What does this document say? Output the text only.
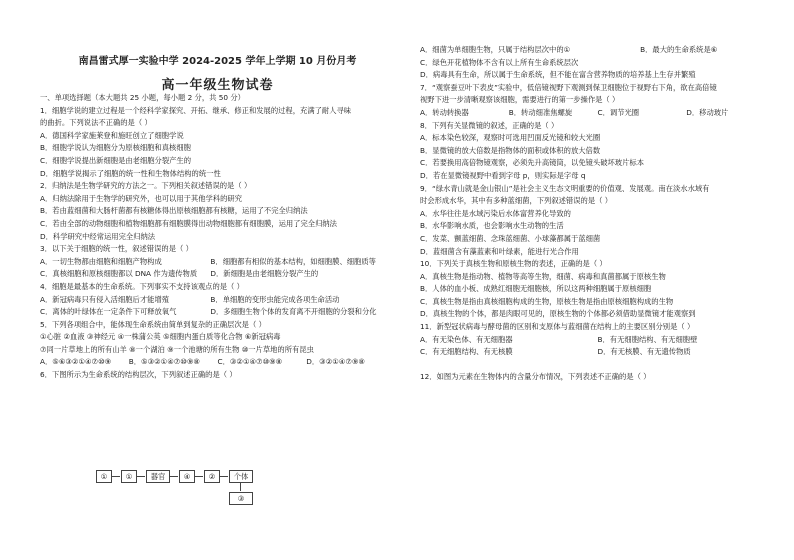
南昌雷式厚一实验中学 2024-2025 学年上学期 10 月份月考
高一年级生物试卷
一、单项选择题（本大题共 25 小题，每小题 2 分，共 50 分）
1．细胞学说的建立过程是一个经科学家探究、开拓、继承、修正和发展的过程，充满了耐人寻味
的曲折。下列说法不正确的是（ ）
A．德国科学家施莱登和施旺创立了细胞学说
B．细胞学说认为细胞分为原核细胞和真核细胞
C．细胞学说提出新细胞是由老细胞分裂产生的
D．细胞学说揭示了细胞的统一性和生物体结构的统一性
2．归纳法是生物学研究的方法之一。下列相关叙述错误的是（ ）
A．归纳法除用于生物学的研究外，也可以用于其他学科的研究
B．若由蓝细菌和大肠杆菌都有核糖体得出原核细胞都有核糖，运用了不完全归纳法
C．若由全部的动物细胞和植物细胞都有细胞膜得出动物细胞都有细胞膜，运用了完全归纳法
D．科学研究中经常运用完全归纳法
3．以下关于细胞的统一性，叙述错误的是（ ）
A．一切生物都由细胞和细胞产物构成	B．细胞都有相似的基本结构，如细胞膜、细胞质等
C．真核细胞和原核细胞都以 DNA 作为遗传物质	D．新细胞是由老细胞分裂产生的
4．细胞是最基本的生命系统。下列事实不支持该观点的是（ ）
A．新冠病毒只有侵入活细胞后才能增殖	B．单细胞的变形虫能完成各项生命活动
C．离体的叶绿体在一定条件下可释放氧气	D．多细胞生物个体的发育离不开细胞的分裂和分化
5．下列各项组合中，能体现生命系统由简单到复杂的正确层次是（ ）
①心脏 ②血液 ③神经元 ④一株蒲公英 ⑤细胞内蛋白质等化合物 ⑥新冠病毒
⑦同一片草地上的所有山羊 ⑧一个湖泊 ⑨一个池塘的所有生物 ⑩一片草地的所有昆虫
A．⑤⑥③②①④⑦⑩⑨	B．⑤③②①④⑦⑩⑨⑧	C．③②①④⑦⑩⑨⑧	D．③②①④⑦⑨⑧
6．下图所示为生命系统的结构层次，下列叙述正确的是（ ）
①	①	器官	④	②	个体
③
A．细菌为单细胞生物，只属于结构层次中的①	B．最大的生命系统是⑥
C．绿色开花植物体不含有以上所有生命系统层次
D．病毒具有生命，所以属于生命系统，但不能在富含营养物质的培养基上生存并繁殖
7．“观察蚕豆叶下表皮”实验中，低倍镜视野下观测到保卫细胞位于视野右下角，欲在高倍镜
视野下进一步清晰观察该细胞，需要进行的第一步操作是（ ）
A．转动转换器	B．转动细准焦螺旋	C．调节光圈	D．移动玻片
8．下列有关显微镜的叙述，正确的是（ ）
A．标本染色较深，观察时可选用凹面反光镜和较大光圈
B．显微镜的放大倍数是指物体的面积或体积的放大倍数
C．若要换用高倍物镜观察，必须先升高镜筒，以免镜头破坏玻片标本
D．若在显微镜视野中看到字母 p，则实际是字母 q
9．“绿水青山就是金山银山”是社会主义生态文明重要的价值观、发展观。南在淡水水域有
时会形成水华，其中有多种蓝细菌，下列叙述错误的是（ ）
A．水华往往是水域污染后水体富营养化导致的
B．水华影响水质，也会影响水生动物的生活
C．发菜、颤蓝细菌、念珠蓝细菌、小球藻都属于蓝细菌
D．蓝细菌含有藻蓝素和叶绿素，能进行光合作用
10．下列关于真核生物和原核生物的表述，正确的是（ ）
A．真核生物是指动物、植物等高等生物，细菌、病毒和真菌都属于原核生物
B．人体的血小板、成熟红细胞无细胞核，所以这两种细胞属于原核细胞
C．真核生物是指由真核细胞构成的生物，原核生物是指由原核细胞构成的生物
D．真核生物的个体，都是肉眼可见的，原核生物的个体都必须借助显微镜才能观察到
11．新型冠状病毒与酵母菌的区别和支原体与蓝细菌在结构上的主要区别分别是（ ）
A．有无染色体、有无细胞器	B．有无细胞结构、有无细胞壁
C．有无细胞结构、有无核膜	D．有无核膜、有无遗传物质
12．如图为元素在生物体内的含量分布情况，下列表述不正确的是（ ）
